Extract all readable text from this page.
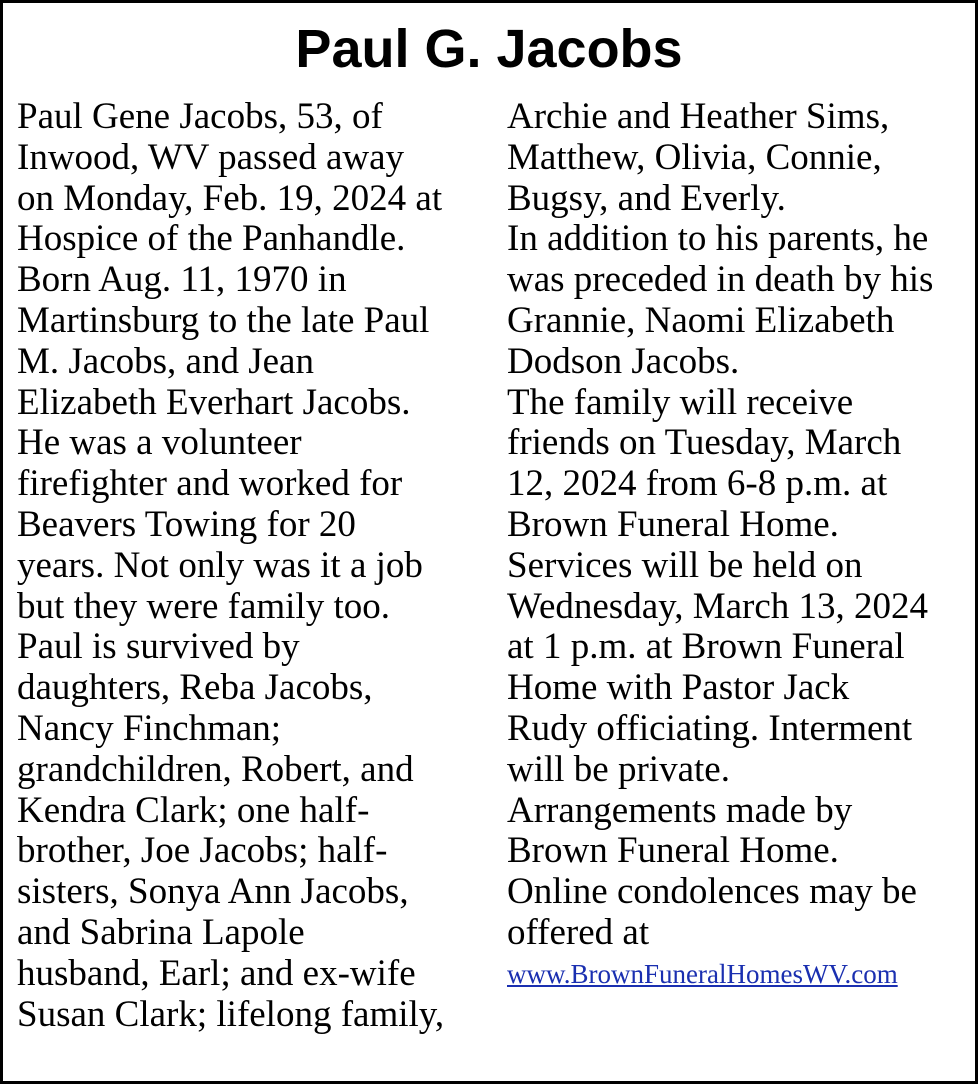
Paul G. Jacobs
Paul Gene Jacobs, 53, of
Inwood, WV passed away
on Monday, Feb. 19, 2024 at
Hospice of the Panhandle.
Born Aug. 11, 1970 in
Martinsburg to the late Paul
M. Jacobs, and Jean
Elizabeth Everhart Jacobs.
He was a volunteer
firefighter and worked for
Beavers Towing for 20
years. Not only was it a job
but they were family too.
Paul is survived by
daughters, Reba Jacobs,
Nancy Finchman;
grandchildren, Robert, and
Kendra Clark; one half-
brother, Joe Jacobs; half-
sisters, Sonya Ann Jacobs,
and Sabrina Lapole
husband, Earl; and ex-wife
Susan Clark; lifelong family,
Archie and Heather Sims,
Matthew, Olivia, Connie,
Bugsy, and Everly.
In addition to his parents, he
was preceded in death by his
Grannie, Naomi Elizabeth
Dodson Jacobs.
The family will receive
friends on Tuesday, March
12, 2024 from 6-8 p.m. at
Brown Funeral Home.
Services will be held on
Wednesday, March 13, 2024
at 1 p.m. at Brown Funeral
Home with Pastor Jack
Rudy officiating. Interment
will be private.
Arrangements made by
Brown Funeral Home.
Online condolences may be
offered at
www.BrownFuneralHomesWV.com
